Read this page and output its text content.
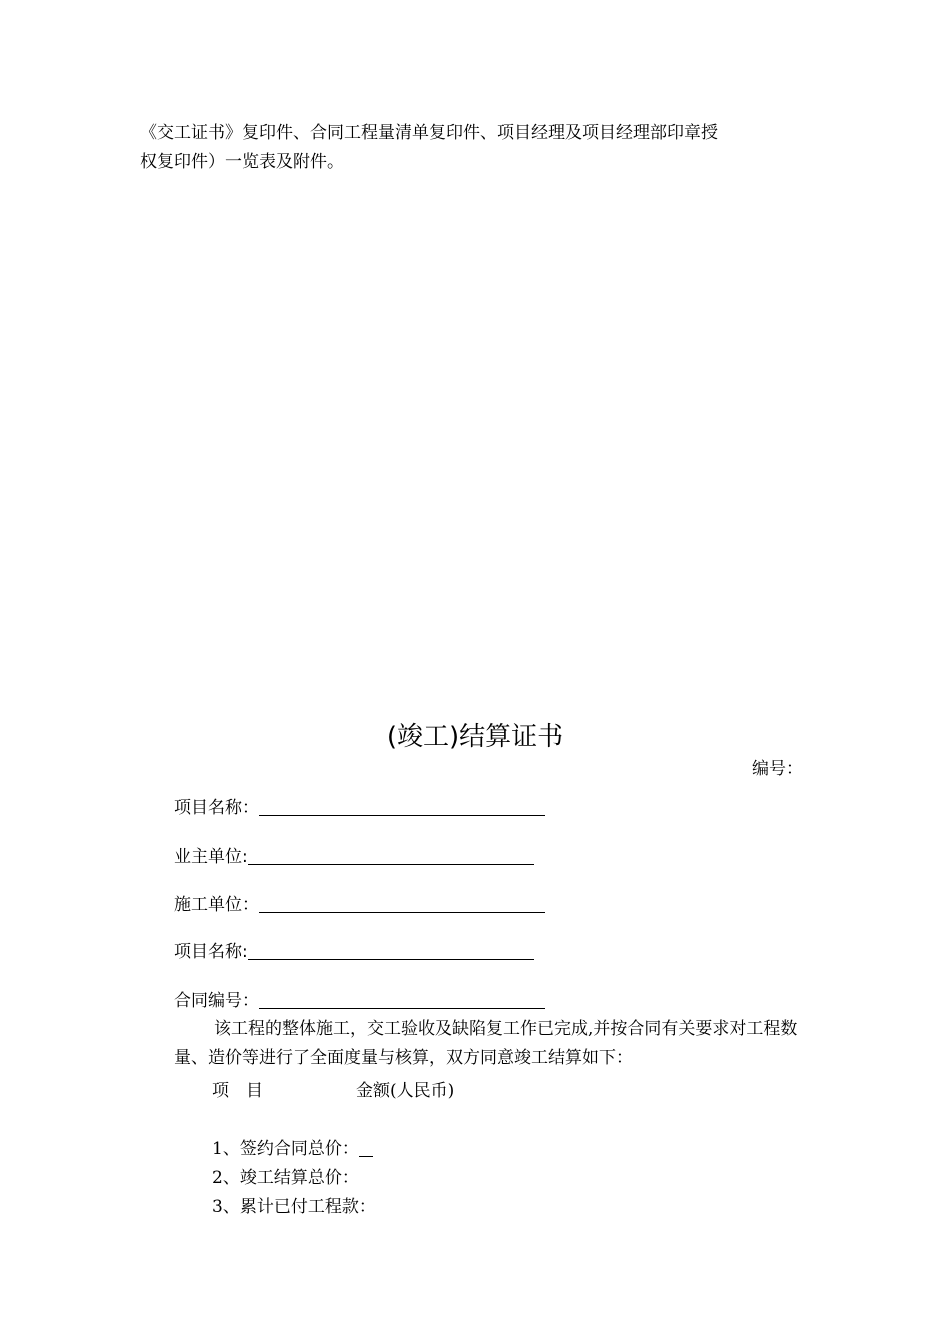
《交工证书》复印件、合同工程量清单复印件、项目经理及项目经理部印章授
权复印件）一览表及附件。
(竣工)结算证书
编号：
项目名称：
业主单位:
施工单位：
项目名称:
合同编号：
该工程的整体施工，交工验收及缺陷复工作已完成,并按合同有关要求对工程数量、造价等进行了全面度量与核算，双方同意竣工结算如下：
项　目	金额(人民币)
1、签约合同总价：
2、竣工结算总价：
3、累计已付工程款：
